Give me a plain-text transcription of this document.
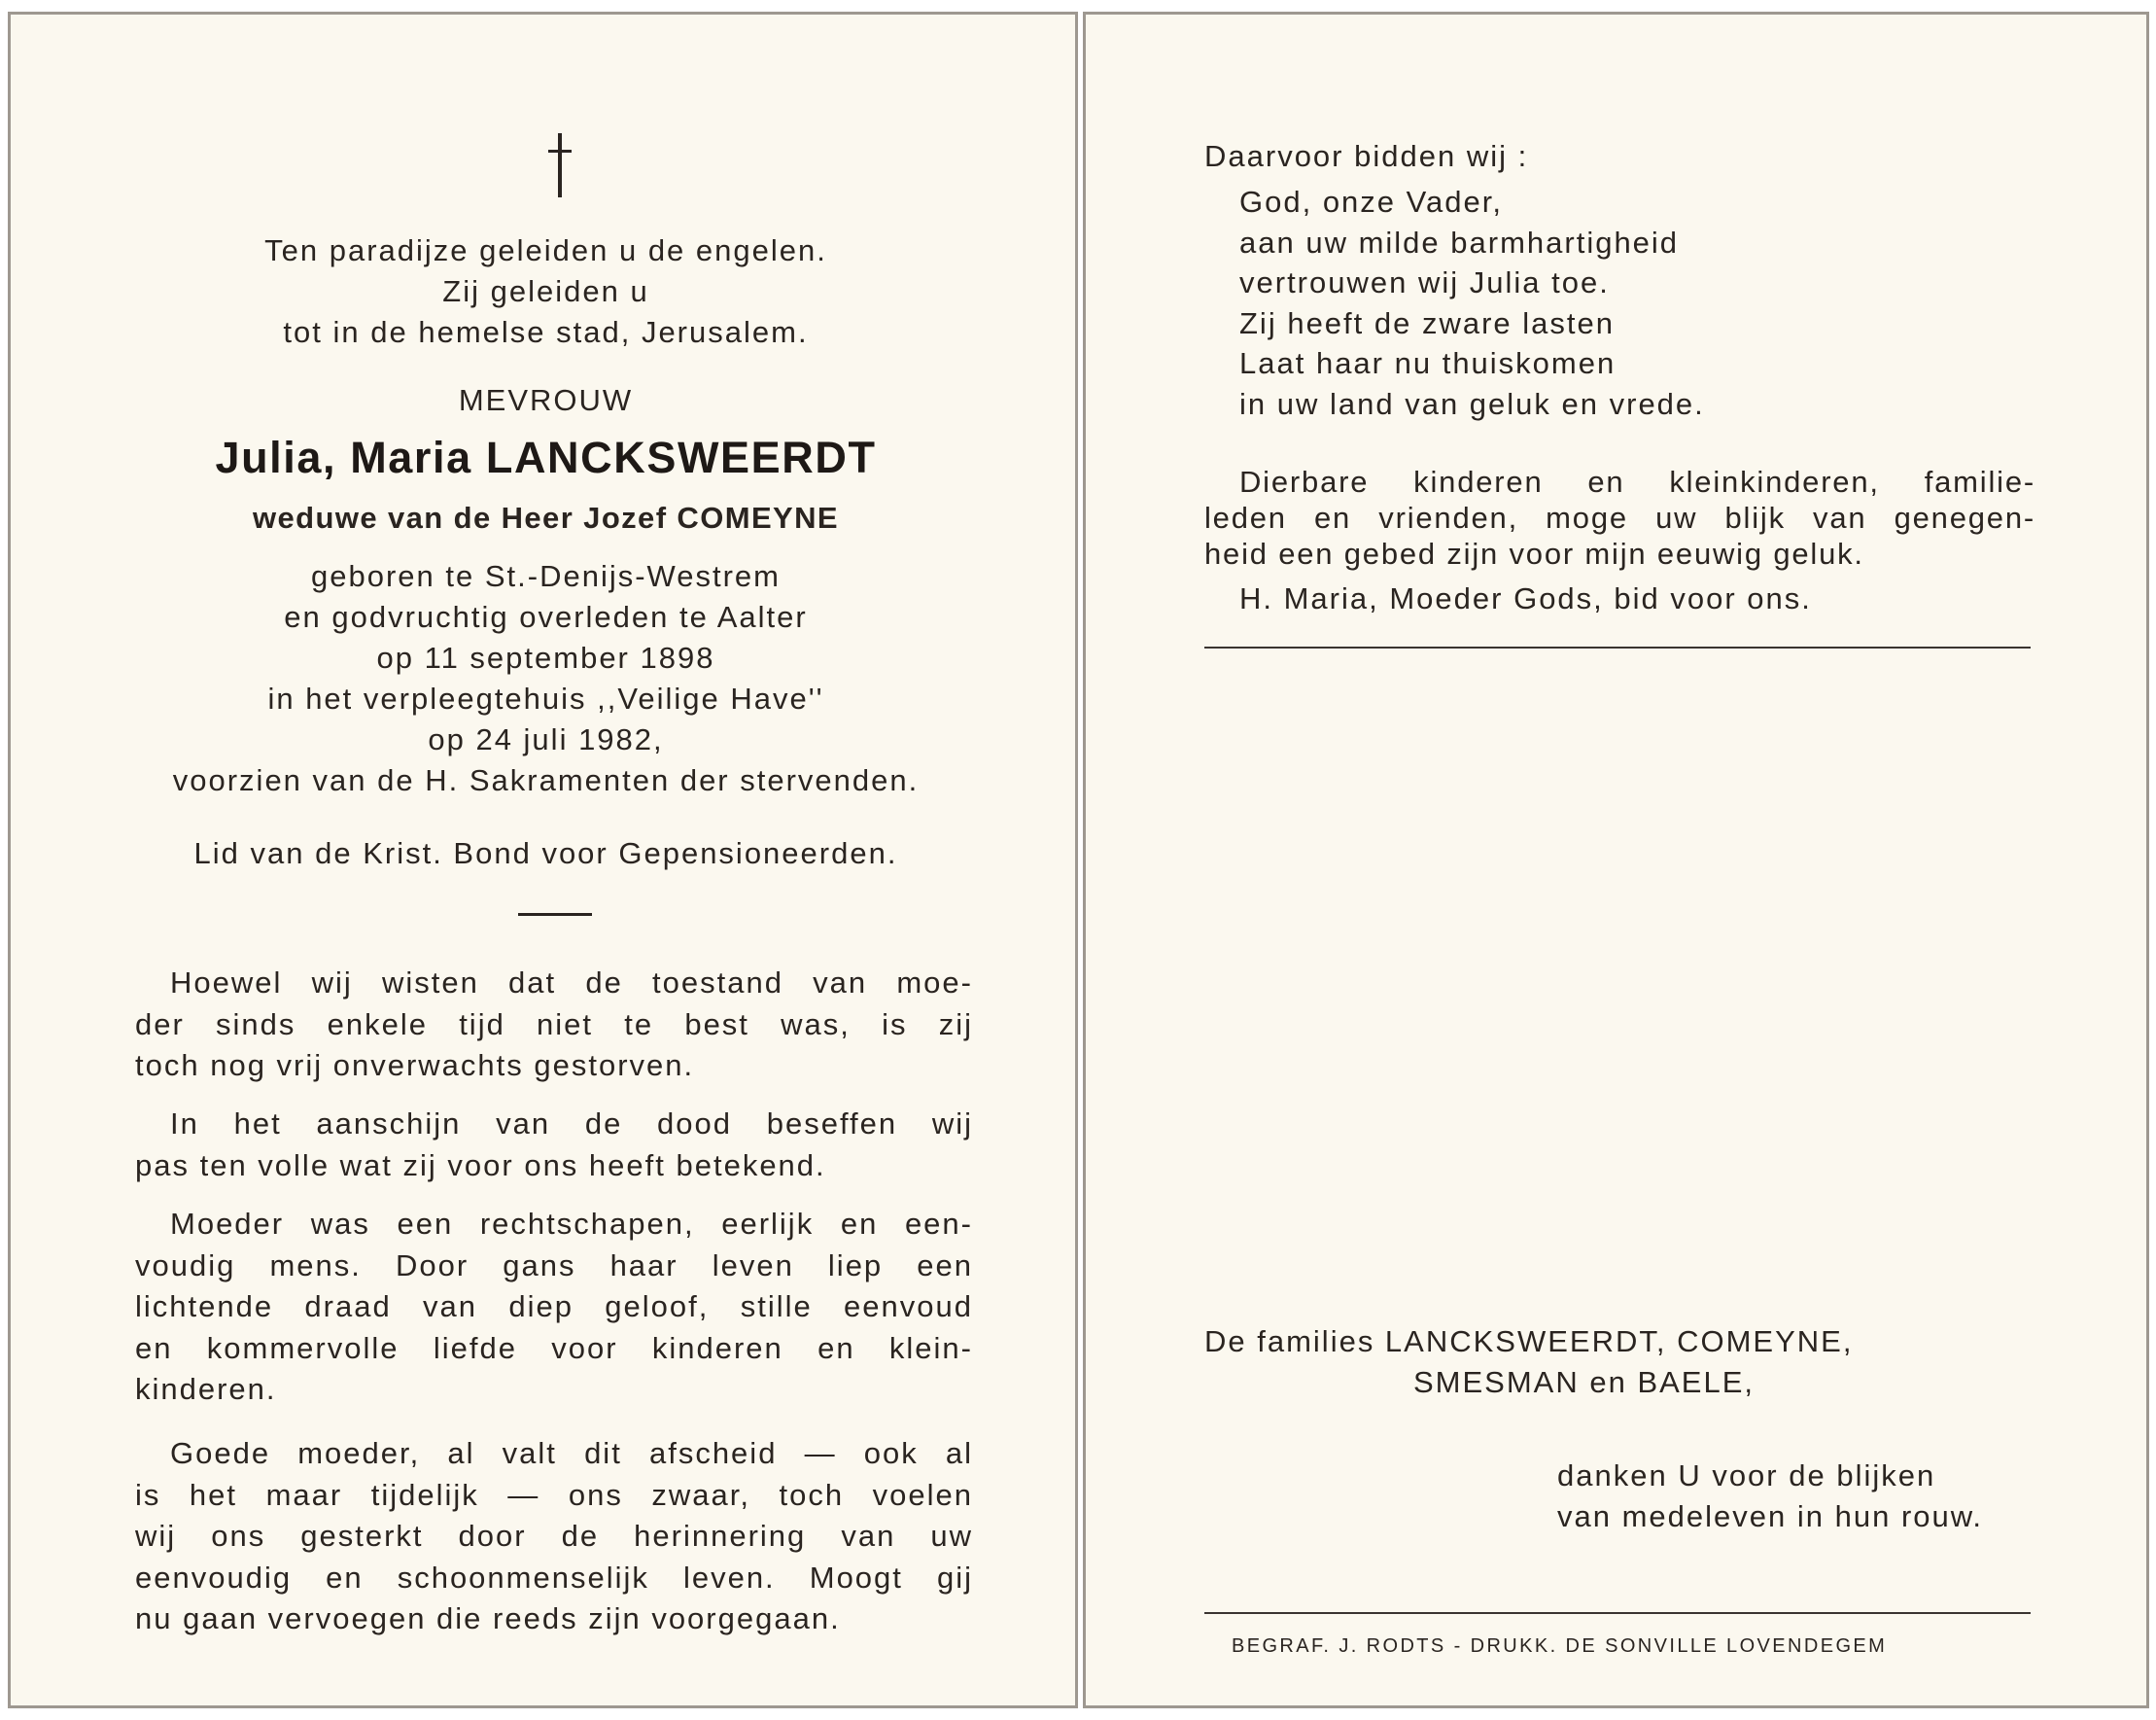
Ten paradijze geleiden u de engelen.
Zij geleiden u
tot in de hemelse stad, Jerusalem.
MEVROUW
Julia, Maria LANCKSWEERDT
weduwe van de Heer Jozef COMEYNE
geboren te St.-Denijs-Westrem
en godvruchtig overleden te Aalter
op 11 september 1898
in het verpleegtehuis ,,Veilige Have''
op 24 juli 1982,
voorzien van de H. Sakramenten der stervenden.
Lid van de Krist. Bond voor Gepensioneerden.
Hoewel wij wisten dat de toestand van moe-
der sinds enkele tijd niet te best was, is zij
toch nog vrij onverwachts gestorven.
In het aanschijn van de dood beseffen wij
pas ten volle wat zij voor ons heeft betekend.
Moeder was een rechtschapen, eerlijk en een-
voudig mens. Door gans haar leven liep een
lichtende draad van diep geloof, stille eenvoud
en kommervolle liefde voor kinderen en klein-
kinderen.
Goede moeder, al valt dit afscheid — ook al
is het maar tijdelijk — ons zwaar, toch voelen
wij ons gesterkt door de herinnering van uw
eenvoudig en schoonmenselijk leven. Moogt gij
nu gaan vervoegen die reeds zijn voorgegaan.
Daarvoor bidden wij :
God, onze Vader,
aan uw milde barmhartigheid
vertrouwen wij Julia toe.
Zij heeft de zware lasten
Laat haar nu thuiskomen
in uw land van geluk en vrede.
Dierbare kinderen en kleinkinderen, familie-
leden en vrienden, moge uw blijk van genegen-
heid een gebed zijn voor mijn eeuwig geluk.
H. Maria, Moeder Gods, bid voor ons.
De families LANCKSWEERDT, COMEYNE,
SMESMAN en BAELE,
danken U voor de blijken
van medeleven in hun rouw.
BEGRAF. J. RODTS - DRUKK. DE SONVILLE LOVENDEGEM
